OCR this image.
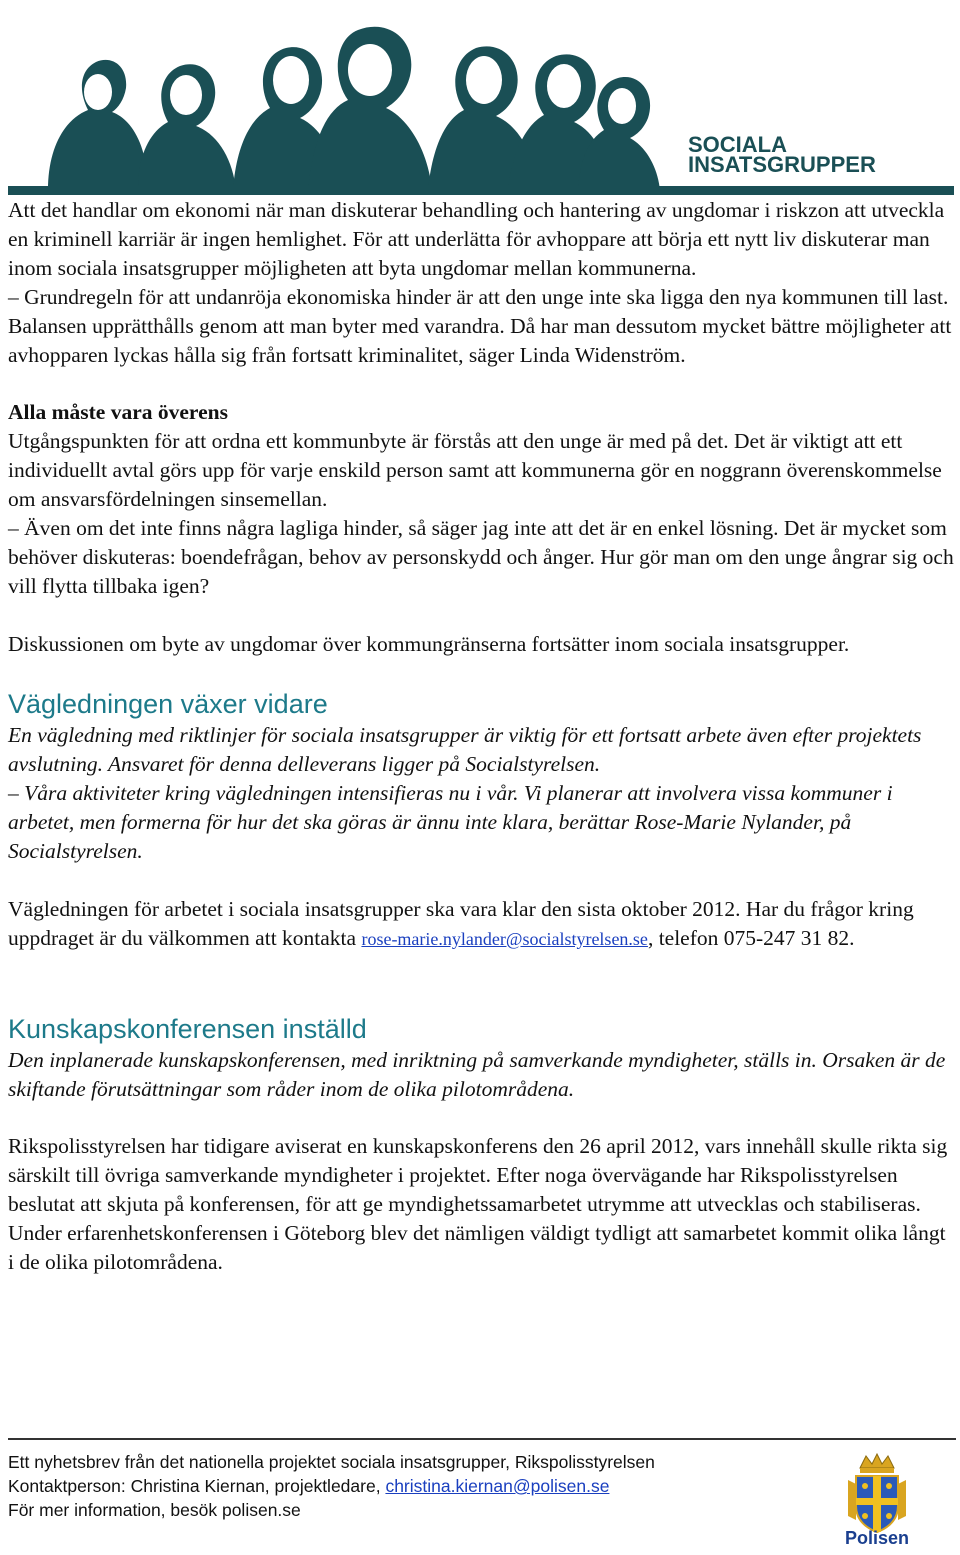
SOCIALA
INSATSGRUPPER

Att det handlar om ekonomi när man diskuterar behandling och hantering av ungdomar i riskzon att utveckla en kriminell karriär är ingen hemlighet. För att underlätta för avhoppare att börja ett nytt liv diskuterar man inom sociala insatsgrupper möjligheten att byta ungdomar mellan kommunerna.

– Grundregeln för att undanröja ekonomiska hinder är att den unge inte ska ligga den nya kommunen till last. Balansen upprätthålls genom att man byter med varandra. Då har man dessutom mycket bättre möjligheter att avhopparen lyckas hålla sig från fortsatt kriminalitet, säger Linda Widenström.

Alla måste vara överens

Utgångspunkten för att ordna ett kommunbyte är förstås att den unge är med på det. Det är viktigt att ett individuellt avtal görs upp för varje enskild person samt att kommunerna gör en noggrann överenskommelse om ansvarsfördelningen sinsemellan.

– Även om det inte finns några lagliga hinder, så säger jag inte att det är en enkel lösning. Det är mycket som behöver diskuteras: boendefrågan, behov av personskydd och ånger. Hur gör man om den unge ångrar sig och vill flytta tillbaka igen?

Diskussionen om byte av ungdomar över kommungränserna fortsätter inom sociala insatsgrupper.

Vägledningen växer vidare

En vägledning med riktlinjer för sociala insatsgrupper är viktig för ett fortsatt arbete även efter projektets avslutning. Ansvaret för denna delleverans ligger på Socialstyrelsen.

– Våra aktiviteter kring vägledningen intensifieras nu i vår. Vi planerar att involvera vissa kommuner i arbetet, men formerna för hur det ska göras är ännu inte klara, berättar Rose-Marie Nylander, på Socialstyrelsen.

Vägledningen för arbetet i sociala insatsgrupper ska vara klar den sista oktober 2012. Har du frågor kring uppdraget är du välkommen att kontakta rose-marie.nylander@socialstyrelsen.se, telefon 075-247 31 82.

Kunskapskonferensen inställd

Den inplanerade kunskapskonferensen, med inriktning på samverkande myndigheter, ställs in. Orsaken är de skiftande förutsättningar som råder inom de olika pilotområdena.

Rikspolisstyrelsen har tidigare aviserat en kunskapskonferens den 26 april 2012, vars innehåll skulle rikta sig särskilt till övriga samverkande myndigheter i projektet. Efter noga övervägande har Rikspolisstyrelsen beslutat att skjuta på konferensen, för att ge myndighetssamarbetet utrymme att utvecklas och stabiliseras. Under erfarenhetskonferensen i Göteborg blev det nämligen väldigt tydligt att samarbetet kommit olika långt i de olika pilotområdena.

Ett nyhetsbrev från det nationella projektet sociala insatsgrupper, Rikspolisstyrelsen
Kontaktperson: Christina Kiernan, projektledare, christina.kiernan@polisen.se
För mer information, besök polisen.se
Polisen
